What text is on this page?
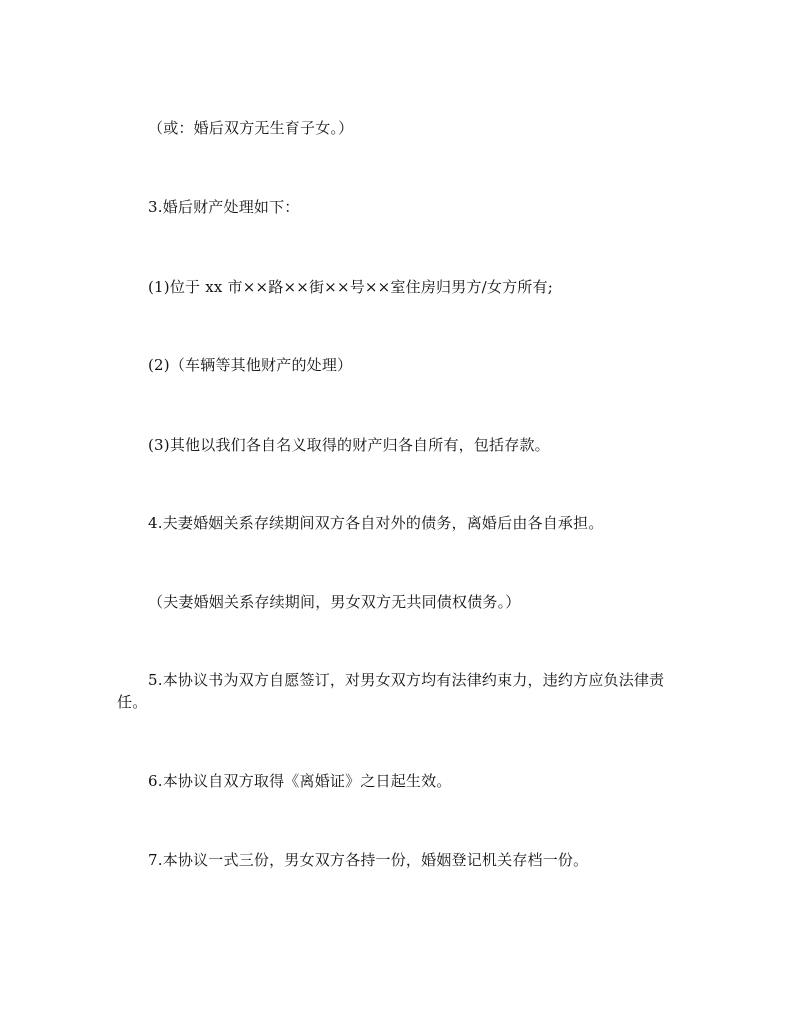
（或：婚后双方无生育子女。）

3.婚后财产处理如下：

(1)位于 xx 市××路××街××号××室住房归男方/女方所有;

(2)（车辆等其他财产的处理）

(3)其他以我们各自名义取得的财产归各自所有，包括存款。

4.夫妻婚姻关系存续期间双方各自对外的债务，离婚后由各自承担。

（夫妻婚姻关系存续期间，男女双方无共同债权债务。）

5.本协议书为双方自愿签订，对男女双方均有法律约束力，违约方应负法律责任。

6.本协议自双方取得《离婚证》之日起生效。

7.本协议一式三份，男女双方各持一份，婚姻登记机关存档一份。
